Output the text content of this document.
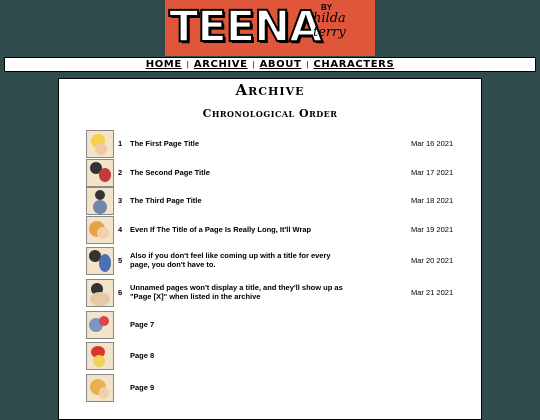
TEENA BY
hilda terry
HOME | ARCHIVE | ABOUT | CHARACTERS
Archive
Chronological Order
1	The First Page Title	Mar 16 2021
2	The Second Page Title	Mar 17 2021
3	The Third Page Title	Mar 18 2021
4	Even If The Title of a Page Is Really Long, It'll Wrap	Mar 19 2021
5	Also if you don't feel like coming up with a title for every page, you don't have to.	Mar 20 2021
6	Unnamed pages won't display a title, and they'll show up as "Page [X]" when listed in the archive	Mar 21 2021
Page 7
Page 8
Page 9
